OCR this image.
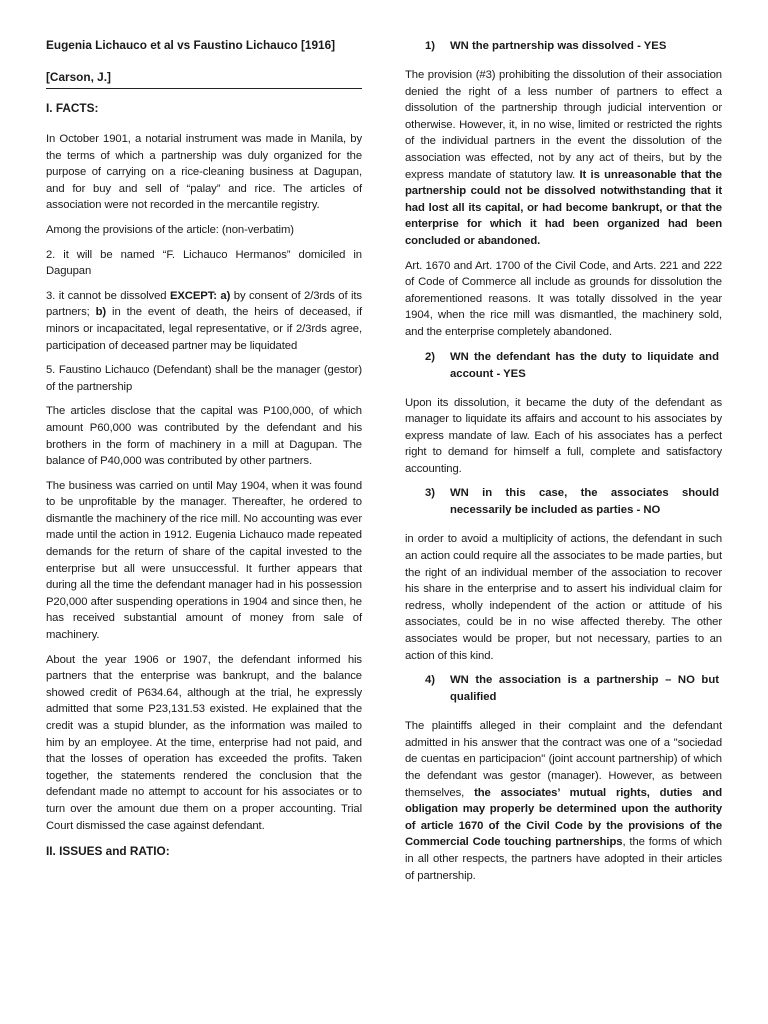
Eugenia Lichauco et al vs Faustino Lichauco [1916]
[Carson, J.]
I. FACTS:

In October 1901, a notarial instrument was made in Manila, by the terms of which a partnership was duly organized for the purpose of carrying on a rice-cleaning business at Dagupan, and for buy and sell of “palay” and rice. The articles of association were not recorded in the mercantile registry.

Among the provisions of the article: (non-verbatim)

2. it will be named “F. Lichauco Hermanos” domiciled in Dagupan

3. it cannot be dissolved EXCEPT: a) by consent of 2/3rds of its partners; b) in the event of death, the heirs of deceased, if minors or incapacitated, legal representative, or if 2/3rds agree, participation of deceased partner may be liquidated

5. Faustino Lichauco (Defendant) shall be the manager (gestor) of the partnership

The articles disclose that the capital was P100,000, of which amount P60,000 was contributed by the defendant and his brothers in the form of machinery in a mill at Dagupan. The balance of P40,000 was contributed by other partners.

The business was carried on until May 1904, when it was found to be unprofitable by the manager. Thereafter, he ordered to dismantle the machinery of the rice mill. No accounting was ever made until the action in 1912. Eugenia Lichauco made repeated demands for the return of share of the capital invested to the enterprise but all were unsuccessful. It further appears that during all the time the defendant manager had in his possession P20,000 after suspending operations in 1904 and since then, he has received substantial amount of money from sale of machinery.

About the year 1906 or 1907, the defendant informed his partners that the enterprise was bankrupt, and the balance showed credit of P634.64, although at the trial, he expressly admitted that some P23,131.53 existed. He explained that the credit was a stupid blunder, as the information was mailed to him by an employee. At the time, enterprise had not paid, and that the losses of operation has exceeded the profits. Taken together, the statements rendered the conclusion that the defendant made no attempt to account for his associates or to turn over the amount due them on a proper accounting. Trial Court dismissed the case against defendant.

II. ISSUES and RATIO:
1)	WN the partnership was dissolved - YES

The provision (#3) prohibiting the dissolution of their association denied the right of a less number of partners to effect a dissolution of the partnership through judicial intervention or otherwise. However, it, in no wise, limited or restricted the rights of the individual partners in the event the dissolution of the association was effected, not by any act of theirs, but by the express mandate of statutory law. It is unreasonable that the partnership could not be dissolved notwithstanding that it had lost all its capital, or had become bankrupt, or that the enterprise for which it had been organized had been concluded or abandoned.

Art. 1670 and Art. 1700 of the Civil Code, and Arts. 221 and 222 of Code of Commerce all include as grounds for dissolution the aforementioned reasons. It was totally dissolved in the year 1904, when the rice mill was dismantled, the machinery sold, and the enterprise completely abandoned.

2)	WN the defendant has the duty to liquidate and account - YES

Upon its dissolution, it became the duty of the defendant as manager to liquidate its affairs and account to his associates by express mandate of law. Each of his associates has a perfect right to demand for himself a full, complete and satisfactory accounting.

3)	WN in this case, the associates should necessarily be included as parties - NO

in order to avoid a multiplicity of actions, the defendant in such an action could require all the associates to be made parties, but the right of an individual member of the association to recover his share in the enterprise and to assert his individual claim for redress, wholly independent of the action or attitude of his associates, could be in no wise affected thereby. The other associates would be proper, but not necessary, parties to an action of this kind.

4)	WN the association is a partnership – NO but qualified

The plaintiffs alleged in their complaint and the defendant admitted in his answer that the contract was one of a "sociedad de cuentas en participacion" (joint account partnership) of which the defendant was gestor (manager). However, as between themselves, the associates’ mutual rights, duties and obligation may properly be determined upon the authority of article 1670 of the Civil Code by the provisions of the Commercial Code touching partnerships, the forms of which in all other respects, the partners have adopted in their articles of partnership.
